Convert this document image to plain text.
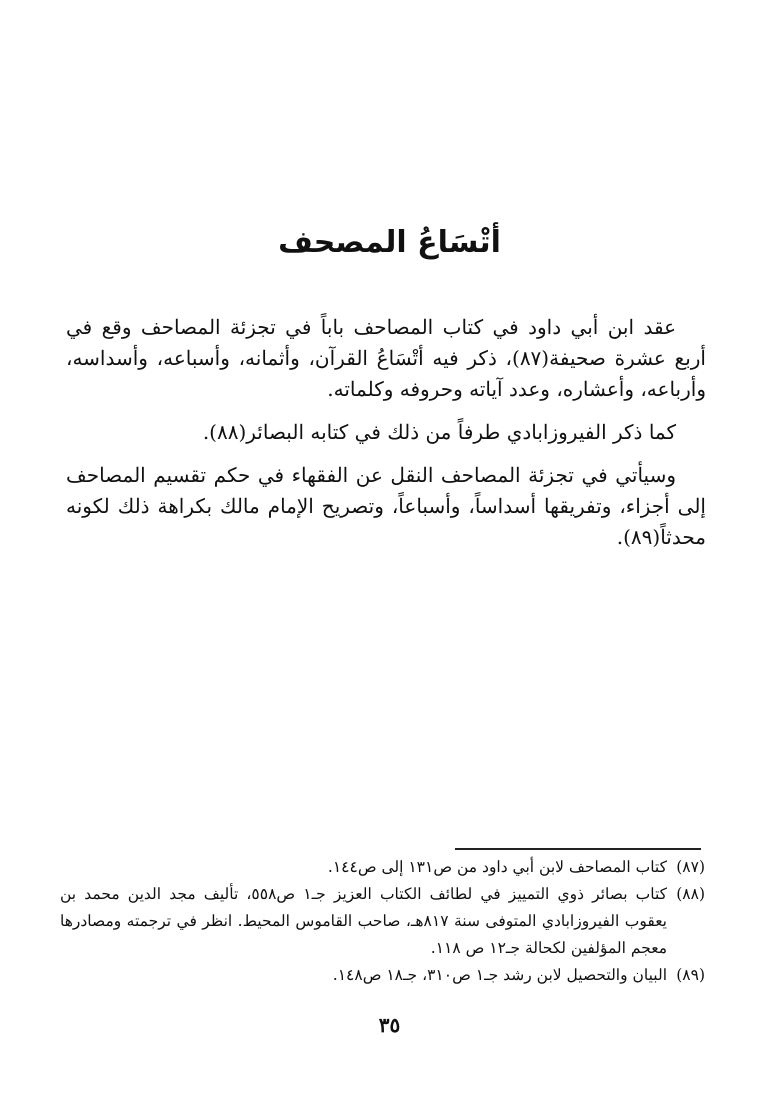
أتْسَاعُ المصحف

عقد ابن أبي داود في كتاب المصاحف باباً في تجزئة المصاحف وقع في أربع عشرة صحيفة(٨٧)، ذكر فيه أتْسَاعُ القرآن، وأثمانه، وأسباعه، وأسداسه، وأرباعه، وأعشاره، وعدد آياته وحروفه وكلماته.

كما ذكر الفيروزابادي طرفاً من ذلك في كتابه البصائر(٨٨).

وسيأتي في تجزئة المصاحف النقل عن الفقهاء في حكم تقسيم المصاحف إلى أجزاء، وتفريقها أسداساً، وأسباعاً، وتصريح الإمام مالك بكراهة ذلك لكونه محدثاً(٨٩).

(٨٧)
كتاب المصاحف لابن أبي داود من ص١٣١ إلى ص١٤٤.
(٨٨)
كتاب بصائر ذوي التمييز في لطائف الكتاب العزيز جـ١ ص٥٥٨، تأليف مجد الدين محمد بن يعقوب الفيروزابادي المتوفى سنة ٨١٧هـ، صاحب القاموس المحيط. انظر في ترجمته ومصادرها معجم المؤلفين لكحالة جـ١٢ ص ١١٨.
(٨٩)
البيان والتحصيل لابن رشد جـ١ ص٣١٠، جـ١٨ ص١٤٨.
٣٥
